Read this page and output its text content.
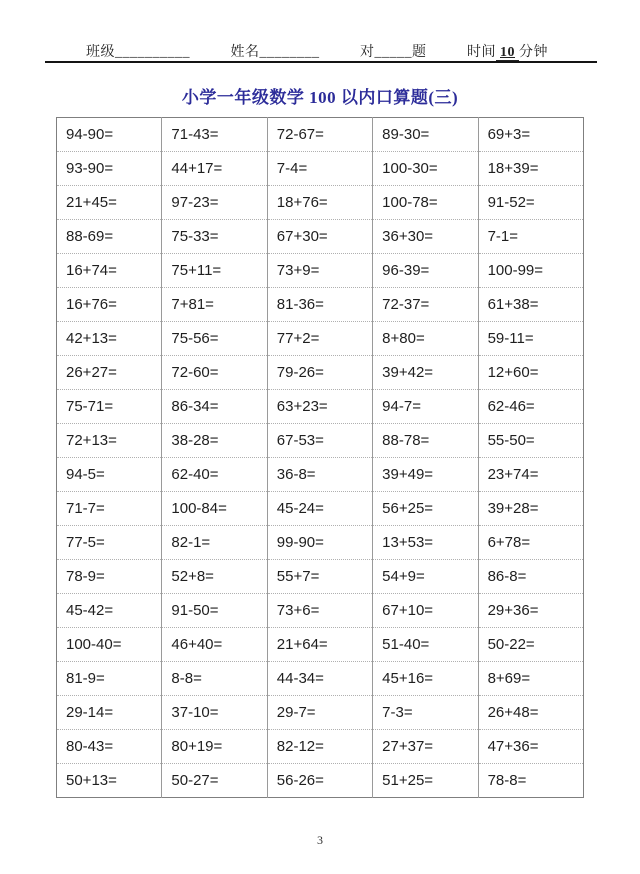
班级__________	姓名________	对_____题	时间 10 分钟
小学一年级数学 100 以内口算题(三)
94-90=	71-43=	72-67=	89-30=	69+3=
93-90=	44+17=	7-4=	100-30=	18+39=
21+45=	97-23=	18+76=	100-78=	91-52=
88-69=	75-33=	67+30=	36+30=	7-1=
16+74=	75+11=	73+9=	96-39=	100-99=
16+76=	7+81=	81-36=	72-37=	61+38=
42+13=	75-56=	77+2=	8+80=	59-11=
26+27=	72-60=	79-26=	39+42=	12+60=
75-71=	86-34=	63+23=	94-7=	62-46=
72+13=	38-28=	67-53=	88-78=	55-50=
94-5=	62-40=	36-8=	39+49=	23+74=
71-7=	100-84=	45-24=	56+25=	39+28=
77-5=	82-1=	99-90=	13+53=	6+78=
78-9=	52+8=	55+7=	54+9=	86-8=
45-42=	91-50=	73+6=	67+10=	29+36=
100-40=	46+40=	21+64=	51-40=	50-22=
81-9=	8-8=	44-34=	45+16=	8+69=
29-14=	37-10=	29-7=	7-3=	26+48=
80-43=	80+19=	82-12=	27+37=	47+36=
50+13=	50-27=	56-26=	51+25=	78-8=
3
